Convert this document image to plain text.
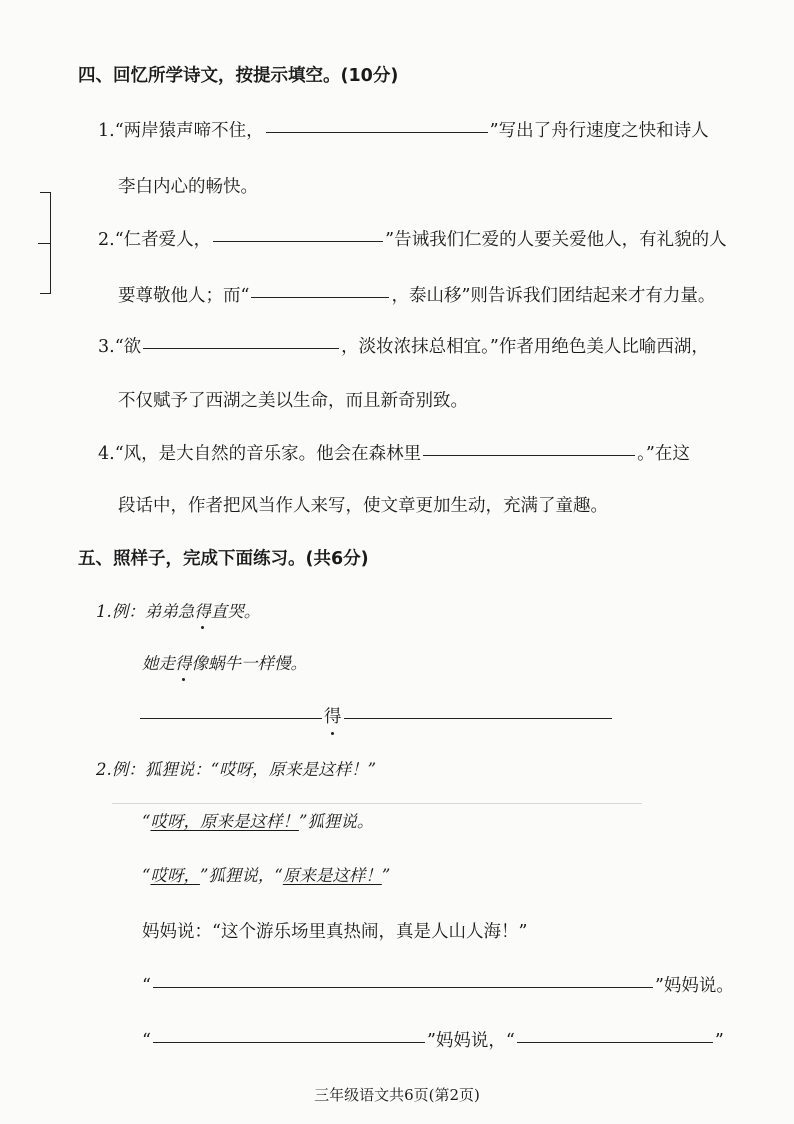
四、回忆所学诗文，按提示填空。(10分)
1.“两岸猿声啼不住，	”写出了舟行速度之快和诗人
李白内心的畅快。
2.“仁者爱人，	”告诫我们仁爱的人要关爱他人，有礼貌的人
要尊敬他人；而“	，泰山移”则告诉我们团结起来才有力量。
3.“欲	，淡妆浓抹总相宜。”作者用绝色美人比喻西湖，
不仅赋予了西湖之美以生命，而且新奇别致。
4.“风，是大自然的音乐家。他会在森林里	。”在这
段话中，作者把风当作人来写，使文章更加生动，充满了童趣。
五、照样子，完成下面练习。(共6分)
1.例：弟弟急 得 直哭。
她走 得 像蜗牛一样慢。
得
2.例：狐狸说：“哎呀，原来是这样！”
“ 哎呀，原来是这样！ ”狐狸说。
“ 哎呀， ”狐狸说，“ 原来是这样！ ”
妈妈说：“这个游乐场里真热闹，真是人山人海！”
“	”妈妈说。
“	”妈妈说，“	”
三年级语文共6页(第2页)
